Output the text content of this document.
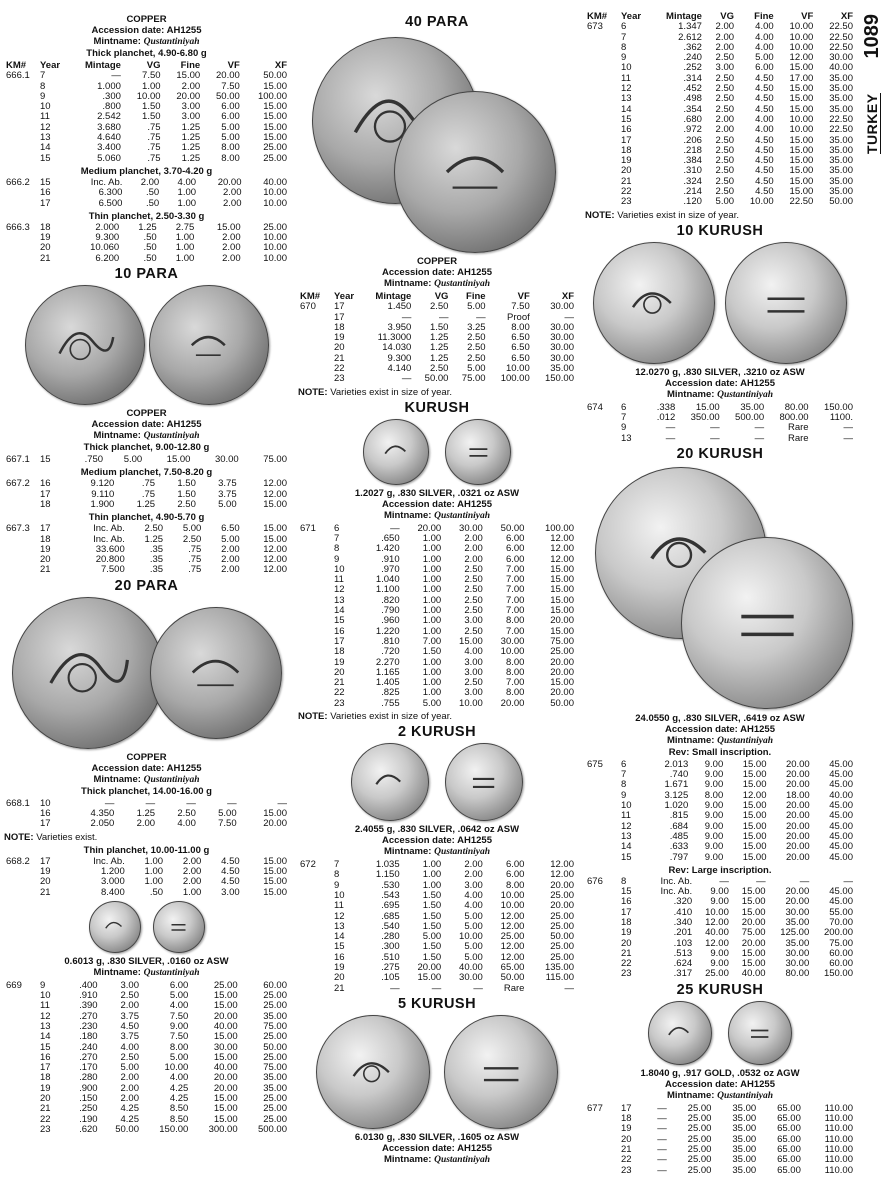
TURKEY
1089
COPPER
Accession date: AH1255
Mintname: Qustantiniyah
Thick planchet, 4.90-6.80 g
KM#	Year	Mintage	VG	Fine	VF	XF
666.1	7	—	7.50	15.00	20.00	50.00
	8	1.000	1.00	2.00	7.50	15.00
	9	.300	10.00	20.00	50.00	100.00
	10	.800	1.50	3.00	6.00	15.00
	11	2.542	1.50	3.00	6.00	15.00
	12	3.680	.75	1.25	5.00	15.00
	13	4.640	.75	1.25	5.00	15.00
	14	3.400	.75	1.25	8.00	25.00
	15	5.060	.75	1.25	8.00	25.00
Medium planchet, 3.70-4.20 g
666.2	15	Inc. Ab.	2.00	4.00	20.00	40.00
	16	6.300	.50	1.00	2.00	10.00
	17	6.500	.50	1.00	2.00	10.00
Thin planchet, 2.50-3.30 g
666.3	18	2.000	1.25	2.75	15.00	25.00
	19	9.300	.50	1.00	2.00	10.00
	20	10.060	.50	1.00	2.00	10.00
	21	6.200	.50	1.00	2.00	10.00
10 PARA
COPPER
Accession date: AH1255
Mintname: Qustantiniyah
Thick planchet, 9.00-12.80 g
667.1	15	.750	5.00	15.00	30.00	75.00
Medium planchet, 7.50-8.20 g
667.2	16	9.120	.75	1.50	3.75	12.00
	17	9.110	.75	1.50	3.75	12.00
	18	1.900	1.25	2.50	5.00	15.00
Thin planchet, 4.90-5.70 g
667.3	17	Inc. Ab.	2.50	5.00	6.50	15.00
	18	Inc. Ab.	1.25	2.50	5.00	15.00
	19	33.600	.35	.75	2.00	12.00
	20	20.800	.35	.75	2.00	12.00
	21	7.500	.35	.75	2.00	12.00
20 PARA
COPPER
Accession date: AH1255
Mintname: Qustantiniyah
Thick planchet, 14.00-16.00 g
668.1	10	—	—	—	—	—
	16	4.350	1.25	2.50	5.00	15.00
	17	2.050	2.00	4.00	7.50	20.00
NOTE: Varieties exist.
Thin planchet, 10.00-11.00 g
668.2	17	Inc. Ab.	1.00	2.00	4.50	15.00
	19	1.200	1.00	2.00	4.50	15.00
	20	3.000	1.00	2.00	4.50	15.00
	21	8.400	.50	1.00	3.00	15.00
0.6013 g, .830 SILVER, .0160 oz ASW
Mintname: Qustantiniyah
669	9	.400	3.00	6.00	25.00	60.00
	10	.910	2.50	5.00	15.00	25.00
	11	.390	2.00	4.00	15.00	25.00
	12	.270	3.75	7.50	20.00	35.00
	13	.230	4.50	9.00	40.00	75.00
	14	.180	3.75	7.50	15.00	25.00
	15	.240	4.00	8.00	30.00	50.00
	16	.270	2.50	5.00	15.00	25.00
	17	.170	5.00	10.00	40.00	75.00
	18	.280	2.00	4.00	20.00	35.00
	19	.900	2.00	4.25	20.00	35.00
	20	.150	2.00	4.25	15.00	25.00
	21	.250	4.25	8.50	15.00	25.00
	22	.190	4.25	8.50	15.00	25.00
	23	.620	50.00	150.00	300.00	500.00
40 PARA
COPPER
Accession date: AH1255
Mintname: Qustantiniyah
KM#	Year	Mintage	VG	Fine	VF	XF
670	17	1.450	2.50	5.00	7.50	30.00
	17	—	—	—	Proof	—
	18	3.950	1.50	3.25	8.00	30.00
	19	11.3000	1.25	2.50	6.50	30.00
	20	14.030	1.25	2.50	6.50	30.00
	21	9.300	1.25	2.50	6.50	30.00
	22	4.140	2.50	5.00	10.00	35.00
	23	—	50.00	75.00	100.00	150.00
NOTE: Varieties exist in size of year.
KURUSH
1.2027 g, .830 SILVER, .0321 oz ASW
Accession date: AH1255
Mintname: Qustantiniyah
671	6	—	20.00	30.00	50.00	100.00
	7	.650	1.00	2.00	6.00	12.00
	8	1.420	1.00	2.00	6.00	12.00
	9	.910	1.00	2.00	6.00	12.00
	10	.970	1.00	2.50	7.00	15.00
	11	1.040	1.00	2.50	7.00	15.00
	12	1.100	1.00	2.50	7.00	15.00
	13	.820	1.00	2.50	7.00	15.00
	14	.790	1.00	2.50	7.00	15.00
	15	.960	1.00	3.00	8.00	20.00
	16	1.220	1.00	2.50	7.00	15.00
	17	.810	7.00	15.00	30.00	75.00
	18	.720	1.50	4.00	10.00	25.00
	19	2.270	1.00	3.00	8.00	20.00
	20	1.165	1.00	3.00	8.00	20.00
	21	1.405	1.00	2.50	7.00	15.00
	22	.825	1.00	3.00	8.00	20.00
	23	.755	5.00	10.00	20.00	50.00
NOTE: Varieties exist in size of year.
2 KURUSH
2.4055 g, .830 SILVER, .0642 oz ASW
Accession date: AH1255
Mintname: Qustantiniyah
672	7	1.035	1.00	2.00	6.00	12.00
	8	1.150	1.00	2.00	6.00	12.00
	9	.530	1.00	3.00	8.00	20.00
	10	.543	1.50	4.00	10.00	25.00
	11	.695	1.50	4.00	10.00	20.00
	12	.685	1.50	5.00	12.00	25.00
	13	.540	1.50	5.00	12.00	25.00
	14	.280	5.00	10.00	25.00	50.00
	15	.300	1.50	5.00	12.00	25.00
	16	.510	1.50	5.00	12.00	25.00
	19	.275	20.00	40.00	65.00	135.00
	20	.105	15.00	30.00	50.00	115.00
	21	—	—	—	Rare	—
5 KURUSH
6.0130 g, .830 SILVER, .1605 oz ASW
Accession date: AH1255
Mintname: Qustantiniyah
KM#	Year	Mintage	VG	Fine	VF	XF
673	6	1.347	2.00	4.00	10.00	22.50
	7	2.612	2.00	4.00	10.00	22.50
	8	.362	2.00	4.00	10.00	22.50
	9	.240	2.50	5.00	12.00	30.00
	10	.252	3.00	6.00	15.00	40.00
	11	.314	2.50	4.50	17.00	35.00
	12	.452	2.50	4.50	15.00	35.00
	13	.498	2.50	4.50	15.00	35.00
	14	.354	2.50	4.50	15.00	35.00
	15	.680	2.00	4.00	10.00	22.50
	16	.972	2.00	4.00	10.00	22.50
	17	.206	2.50	4.50	15.00	35.00
	18	.218	2.50	4.50	15.00	35.00
	19	.384	2.50	4.50	15.00	35.00
	20	.310	2.50	4.50	15.00	35.00
	21	.324	2.50	4.50	15.00	35.00
	22	.214	2.50	4.50	15.00	35.00
	23	.120	5.00	10.00	22.50	50.00
NOTE: Varieties exist in size of year.
10 KURUSH
12.0270 g, .830 SILVER, .3210 oz ASW
Accession date: AH1255
Mintname: Qustantiniyah
674	6	.338	15.00	35.00	80.00	150.00
	7	.012	350.00	500.00	800.00	1100.
	9	—	—	—	Rare	—
	13	—	—	—	Rare	—
20 KURUSH
24.0550 g, .830 SILVER, .6419 oz ASW
Accession date: AH1255
Mintname: Qustantiniyah
Rev: Small inscription.
675	6	2.013	9.00	15.00	20.00	45.00
	7	.740	9.00	15.00	20.00	45.00
	8	1.671	9.00	15.00	20.00	45.00
	9	3.125	8.00	12.00	18.00	40.00
	10	1.020	9.00	15.00	20.00	45.00
	11	.815	9.00	15.00	20.00	45.00
	12	.684	9.00	15.00	20.00	45.00
	13	.485	9.00	15.00	20.00	45.00
	14	.633	9.00	15.00	20.00	45.00
	15	.797	9.00	15.00	20.00	45.00
Rev: Large inscription.
676	8	Inc. Ab.	—	—	—	—
	15	Inc. Ab.	9.00	15.00	20.00	45.00
	16	.320	9.00	15.00	20.00	45.00
	17	.410	10.00	15.00	30.00	55.00
	18	.340	12.00	20.00	35.00	70.00
	19	.201	40.00	75.00	125.00	200.00
	20	.103	12.00	20.00	35.00	75.00
	21	.513	9.00	15.00	30.00	60.00
	22	.624	9.00	15.00	30.00	60.00
	23	.317	25.00	40.00	80.00	150.00
25 KURUSH
1.8040 g, .917 GOLD, .0532 oz AGW
Accession date: AH1255
Mintname: Qustantiniyah
677	17	—	25.00	35.00	65.00	110.00
	18	—	25.00	35.00	65.00	110.00
	19	—	25.00	35.00	65.00	110.00
	20	—	25.00	35.00	65.00	110.00
	21	—	25.00	35.00	65.00	110.00
	22	—	25.00	35.00	65.00	110.00
	23	—	25.00	35.00	65.00	110.00
